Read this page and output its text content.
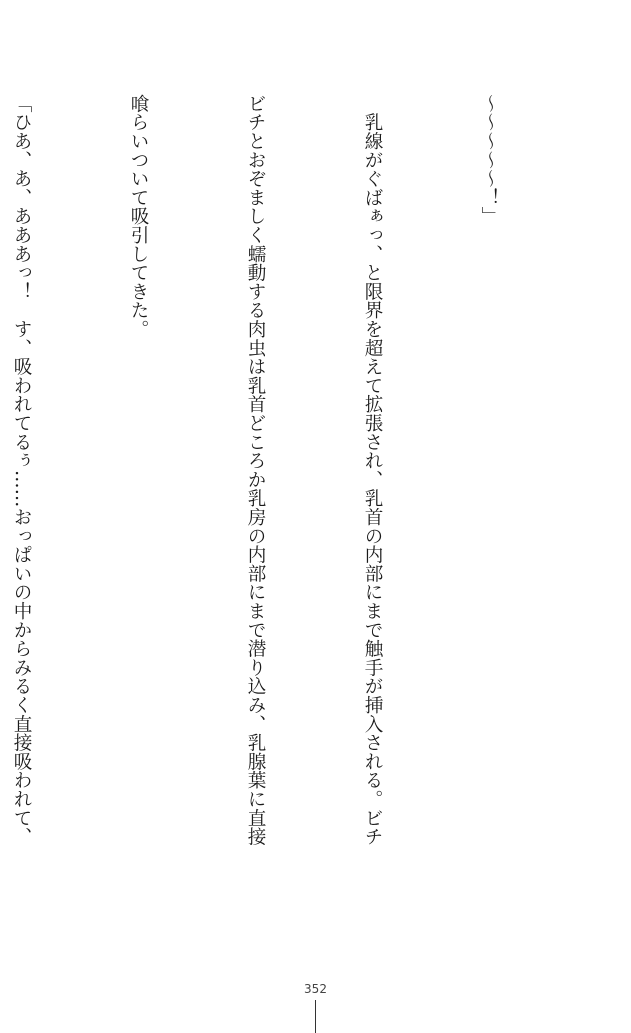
〜〜〜〜〜！」

　乳線がぐばぁっ、と限界を超えて拡張され、乳首の内部にまで触手が挿入される。ビチ

ビチとおぞましく蠕動する肉虫は乳首どころか乳房の内部にまで潜り込み、乳腺葉に直接

喰らいついて吸引してきた。

「ひあ、あ、あああっ！　す、吸われてるぅ……おっぱいの中からみるく直接吸われて、

352
